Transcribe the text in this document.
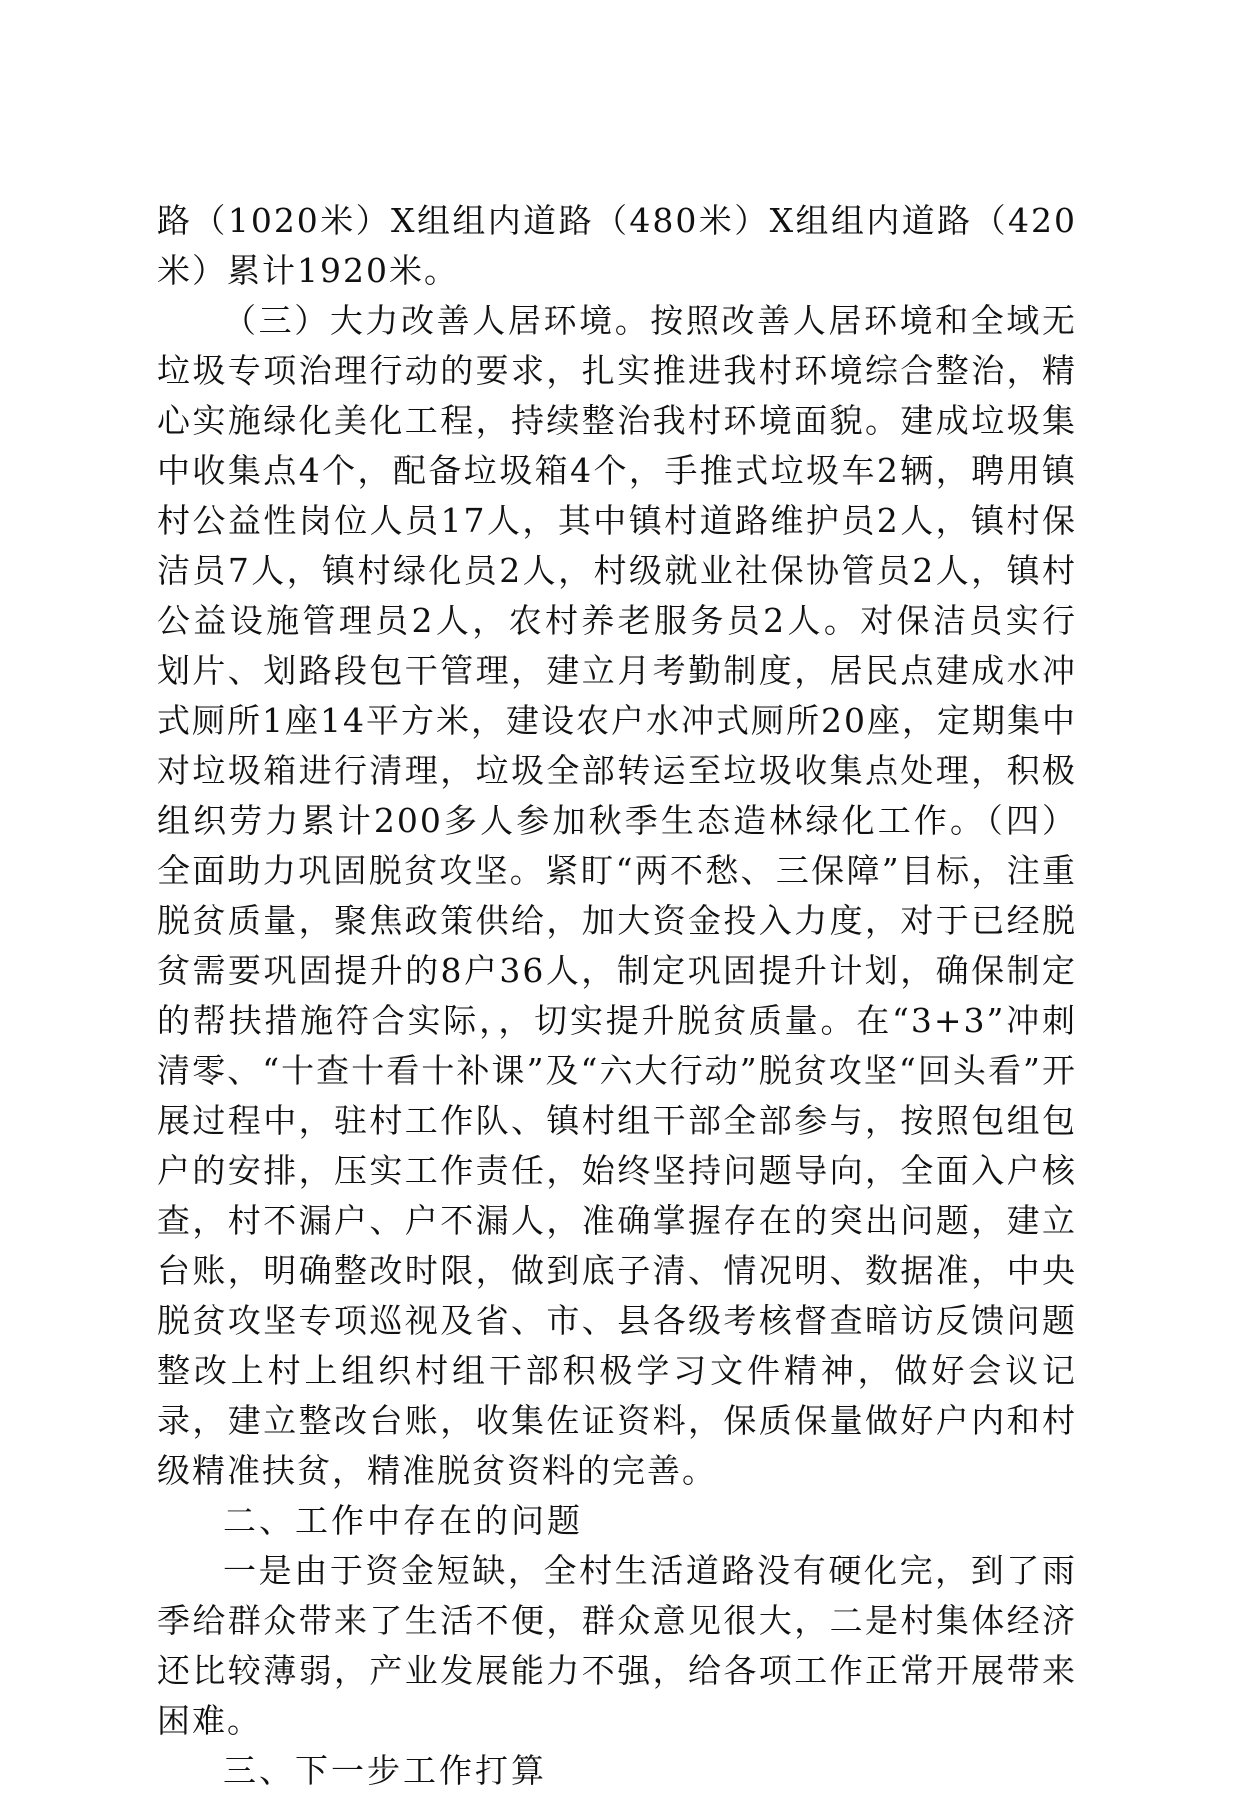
路（1020米）X组组内道路（480米）X组组内道路（420米）累计1920米。

（三）大力改善人居环境。按照改善人居环境和全域无垃圾专项治理行动的要求，扎实推进我村环境综合整治，精心实施绿化美化工程，持续整治我村环境面貌。建成垃圾集中收集点4个，配备垃圾箱4个，手推式垃圾车2辆，聘用镇村公益性岗位人员17人，其中镇村道路维护员2人，镇村保洁员7人，镇村绿化员2人，村级就业社保协管员2人，镇村公益设施管理员2人，农村养老服务员2人。对保洁员实行划片、划路段包干管理，建立月考勤制度，居民点建成水冲式厕所1座14平方米，建设农户水冲式厕所20座，定期集中对垃圾箱进行清理，垃圾全部转运至垃圾收集点处理，积极组织劳力累计200多人参加秋季生态造林绿化工作。（四）全面助力巩固脱贫攻坚。紧盯“两不愁、三保障”目标，注重脱贫质量，聚焦政策供给，加大资金投入力度，对于已经脱贫需要巩固提升的8户36人，制定巩固提升计划，确保制定的帮扶措施符合实际，，切实提升脱贫质量。在“3+3”冲刺清零、“十查十看十补课”及“六大行动”脱贫攻坚“回头看”开展过程中，驻村工作队、镇村组干部全部参与，按照包组包户的安排，压实工作责任，始终坚持问题导向，全面入户核查，村不漏户、户不漏人，准确掌握存在的突出问题，建立台账，明确整改时限，做到底子清、情况明、数据准，中央脱贫攻坚专项巡视及省、市、县各级考核督查暗访反馈问题整改上村上组织村组干部积极学习文件精神，做好会议记录，建立整改台账，收集佐证资料，保质保量做好户内和村级精准扶贫，精准脱贫资料的完善。

二、工作中存在的问题

一是由于资金短缺，全村生活道路没有硬化完，到了雨季给群众带来了生活不便，群众意见很大，二是村集体经济还比较薄弱，产业发展能力不强，给各项工作正常开展带来困难。

三、下一步工作打算
